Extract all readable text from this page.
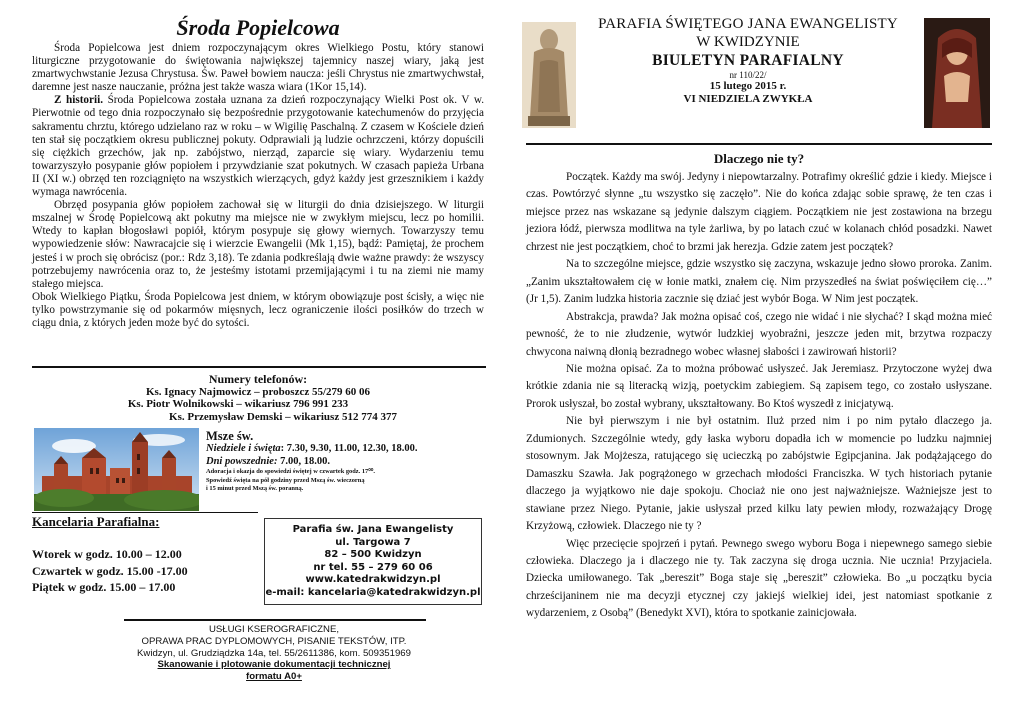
Środa Popielcowa

Środa Popielcowa jest dniem rozpoczynającym okres Wielkiego Postu, który stanowi liturgiczne przygotowanie do świętowania największej tajemnicy naszej wiary, jaką jest zmartwychwstanie Jezusa Chrystusa. Św. Paweł bowiem naucza: jeśli Chrystus nie zmartwychwstał, daremne jest nasze nauczanie, próżna jest także wasza wiara (1Kor 15,14).

Z historii. Środa Popielcowa została uznana za dzień rozpoczynający Wielki Post ok. V w. Pierwotnie od tego dnia rozpoczynało się bezpośrednie przygotowanie katechumenów do przyjęcia sakramentu chrztu, którego udzielano raz w roku – w Wigilię Paschalną. Z czasem w Kościele dzień ten stał się początkiem okresu publicznej pokuty. Odprawiali ją ludzie ochrzczeni, którzy dopuścili się ciężkich grzechów, jak np. zabójstwo, nierząd, zaparcie się wiary. Wydarzeniu temu towarzyszyło posypanie głów popiołem i przywdzianie szat pokutnych. W czasach papieża Urbana II (XI w.) obrzęd ten rozciągnięto na wszystkich wierzących, gdyż każdy jest grzesznikiem i każdy wymaga nawrócenia.

Obrzęd posypania głów popiołem zachował się w liturgii do dnia dzisiejszego. W liturgii mszalnej w Środę Popielcową akt pokutny ma miejsce nie w zwykłym miejscu, lecz po homilii. Wtedy to kapłan błogosławi popiół, którym posypuje się głowy wiernych. Towarzyszy temu wypowiedzenie słów: Nawracajcie się i wierzcie Ewangelii (Mk 1,15), bądź: Pamiętaj, że prochem jesteś i w proch się obrócisz (por.: Rdz 3,18). Te zdania podkreślają dwie ważne prawdy: że wszyscy potrzebujemy nawrócenia oraz to, że jesteśmy istotami przemijającymi i tu na ziemi nie mamy stałego miejsca.

Obok Wielkiego Piątku, Środa Popielcowa jest dniem, w którym obowiązuje post ścisły, a więc nie tylko powstrzymanie się od pokarmów mięsnych, lecz ograniczenie ilości posiłków do trzech w ciągu dnia, z których jeden może być do sytości.

Numery telefonów:
Ks. Ignacy Najmowicz – proboszcz 55/279 60 06
Ks. Piotr Wolnikowski – wikariusz 796 991 233
Ks. Przemysław Demski – wikariusz 512 774 377
Msze św.
Niedziele i święta: 7.30, 9.30, 11.00, 12.30, 18.00.
Dni powszednie: 7.00, 18.00.
Adoracja i okazja do spowiedzi świętej w czwartek godz. 17⁰⁰.
Spowiedź święta na pół godziny przed Mszą św. wieczorną
i 15 minut przed Mszą św. poranną.
Kancelaria Parafialna:
Wtorek w godz. 10.00 – 12.00
Czwartek w godz. 15.00 -17.00
Piątek w godz. 15.00 – 17.00
Parafia św. Jana Ewangelisty
ul. Targowa 7
82 – 500 Kwidzyn
nr tel. 55 – 279 60 06
www.katedrakwidzyn.pl
e-mail: kancelaria@katedrakwidzyn.pl
USŁUGI KSEROGRAFICZNE,
OPRAWA PRAC DYPLOMOWYCH, PISANIE TEKSTÓW, ITP.
Kwidzyn, ul. Grudziądzka 14a, tel. 55/2611386, kom. 509351969
Skanowanie i plotowanie dokumentacji technicznej
formatu A0+
PARAFIA ŚWIĘTEGO JANA EWANGELISTY
W KWIDZYNIE
BIULETYN PARAFIALNY
nr 110/22/
15 lutego 2015 r.
VI NIEDZIELA ZWYKŁA
Dlaczego nie ty?

Początek. Każdy ma swój. Jedyny i niepowtarzalny. Potrafimy określić gdzie i kiedy. Miejsce i czas. Powtórzyć słynne „tu wszystko się zaczęło”. Nie do końca zdając sobie sprawę, że ten czas i miejsce przez nas wskazane są jedynie dalszym ciągiem. Początkiem nie jest zostawiona na brzegu jeziora łódź, pierwsza modlitwa na tyle żarliwa, by po latach czuć w kolanach chłód posadzki. Nawet chrzest nie jest początkiem, choć to brzmi jak herezja. Gdzie zatem jest początek?

Na to szczególne miejsce, gdzie wszystko się zaczyna, wskazuje jedno słowo proroka. Zanim. „Zanim ukształtowałem cię w łonie matki, znałem cię. Nim przyszedłeś na świat poświęciłem cię…” (Jr 1,5). Zanim ludzka historia zacznie się dziać jest wybór Boga. W Nim jest początek.

Abstrakcja, prawda? Jak można opisać coś, czego nie widać i nie słychać? I skąd można mieć pewność, że to nie złudzenie, wytwór ludzkiej wyobraźni, jeszcze jeden mit, brzytwa rozpaczy chwycona naiwną dłonią bezradnego wobec własnej słabości i zawirowań historii?

Nie można opisać. Za to można próbować usłyszeć. Jak Jeremiasz. Przytoczone wyżej dwa krótkie zdania nie są literacką wizją, poetyckim zabiegiem. Są zapisem tego, co zostało usłyszane. Prorok usłyszał, bo został wybrany, ukształtowany. Bo Ktoś wyszedł z inicjatywą.

Nie był pierwszym i nie był ostatnim. Iluż przed nim i po nim pytało dlaczego ja. Zdumionych. Szczególnie wtedy, gdy łaska wyboru dopadła ich w momencie po ludzku najmniej stosownym. Jak Mojżesza, ratującego się ucieczką po zabójstwie Egipcjanina. Jak podążającego do Damaszku Szawła. Jak pogrążonego w grzechach młodości Franciszka. W tych historiach pytanie dlaczego ja wyjątkowo nie daje spokoju. Chociaż nie ono jest najważniejsze. Ważniejsze jest to stawiane przez Niego. Pytanie, jakie usłyszał przed kilku laty pewien młody, rozważający Drogę Krzyżową, człowiek. Dlaczego nie ty ?

Więc przecięcie spojrzeń i pytań. Pewnego swego wyboru Boga i niepewnego samego siebie człowieka. Dlaczego ja i dlaczego nie ty. Tak zaczyna się droga ucznia. Nie ucznia! Przyjaciela. Dziecka umiłowanego. Tak „bereszit” Boga staje się „bereszit” człowieka. Bo „u początku bycia chrześcijaninem nie ma decyzji etycznej czy jakiejś wielkiej idei, jest natomiast spotkanie z wydarzeniem, z Osobą” (Benedykt XVI), która to spotkanie zainicjowała.
